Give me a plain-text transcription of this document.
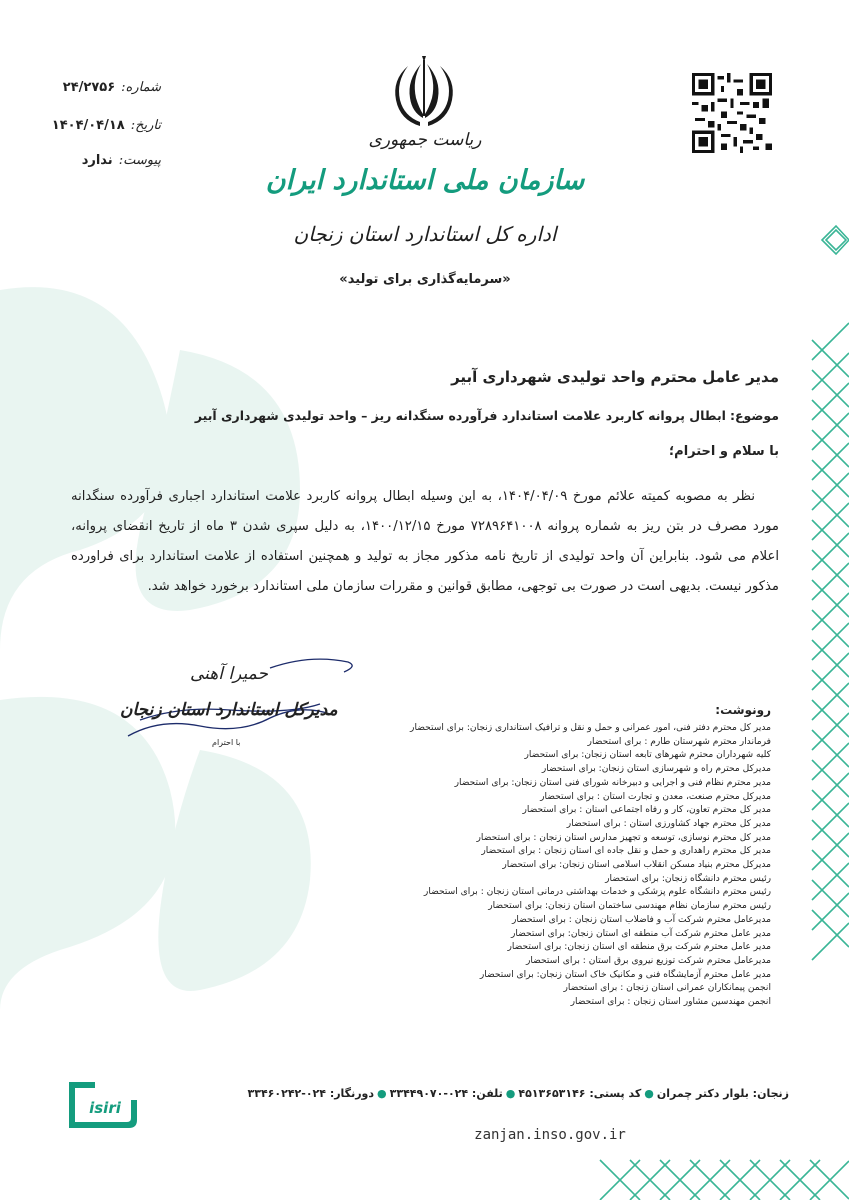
ریاست جمهوری
سازمان ملی استاندارد ایران
اداره کل استاندارد استان زنجان
«سرمایه‌گذاری برای تولید»
شماره:
۲۴/۲۷۵۶
تاریخ:
۱۴۰۴/۰۴/۱۸
پیوست:
ندارد
مدیر عامل محترم واحد تولیدی شهرداری آبیر
موضوع:
ابطال پروانه کاربرد علامت استاندارد فرآورده سنگدانه ریز – واحد تولیدی شهرداری آبیر
با سلام و احترام؛
نظر به مصوبه کمیته علائم مورخ ۱۴۰۴/۰۴/۰۹، به این وسیله ابطال پروانه کاربرد علامت استاندارد اجباری فرآورده سنگدانه مورد مصرف در بتن ریز به شماره پروانه ۷۲۸۹۶۴۱۰۰۸ مورخ ۱۴۰۰/۱۲/۱۵، به دلیل سپری شدن ۳ ماه از تاریخ انقضای پروانه، اعلام می شود. بنابراین آن واحد تولیدی از تاریخ نامه مذکور مجاز به تولید و همچنین استفاده از علامت استاندارد برای فراورده مذکور نیست. بدیهی است در صورت بی توجهی، مطابق قوانین و مقررات سازمان ملی استاندارد برخورد خواهد شد.
حمیرا آهنی
مدیرکل استاندارد استان زنجان
با احترام
رونوشت:
مدیر کل محترم دفتر فنی، امور عمرانی و حمل و نقل و ترافیک استانداری زنجان: برای استحضار
فرماندار محترم شهرستان طارم : برای استحضار
کلیه شهرداران محترم شهرهای تابعه استان زنجان: برای استحضار
مدیرکل محترم راه و شهرسازی استان زنجان: برای استحضار
مدیر محترم نظام فنی و اجرایی و دبیرخانه شورای فنی استان زنجان: برای استحضار
مدیرکل محترم صنعت، معدن و تجارت استان : برای استحضار
مدیر کل محترم تعاون، کار و رفاه اجتماعی استان : برای استحضار
مدیر کل محترم جهاد کشاورزی استان : برای استحضار
مدیر کل محترم نوسازی، توسعه و تجهیز مدارس استان زنجان : برای استحضار
مدیر کل محترم راهداری و حمل و نقل جاده ای استان زنجان : برای استحضار
مدیرکل محترم بنیاد مسکن انقلاب اسلامی استان زنجان: برای استحضار
رئیس محترم دانشگاه زنجان: برای استحضار
رئیس محترم دانشگاه علوم پزشکی و خدمات بهداشتی درمانی استان زنجان : برای استحضار
رئیس محترم سازمان نظام مهندسی ساختمان استان زنجان: برای استحضار
مدیرعامل محترم شرکت آب و فاضلاب استان زنجان : برای استحضار
مدیر عامل محترم شرکت آب منطقه ای استان زنجان: برای استحضار
مدیر عامل محترم شرکت برق منطقه ای استان زنجان: برای استحضار
مدیرعامل محترم شرکت توزیع نیروی برق استان : برای استحضار
مدیر عامل محترم آزمایشگاه فنی و مکانیک خاک استان زنجان: برای استحضار
انجمن پیمانکاران عمرانی استان زنجان : برای استحضار
انجمن مهندسین مشاور استان زنجان : برای استحضار
زنجان: بلوار دکتر چمران●کد پستی: ۴۵۱۳۶۵۳۱۴۶●تلفن: ۰۲۴-۳۳۴۴۹۰۷۰●دورنگار: ۰۲۴-۳۳۴۶۰۲۴۲
zanjan.inso.gov.ir
isiri
